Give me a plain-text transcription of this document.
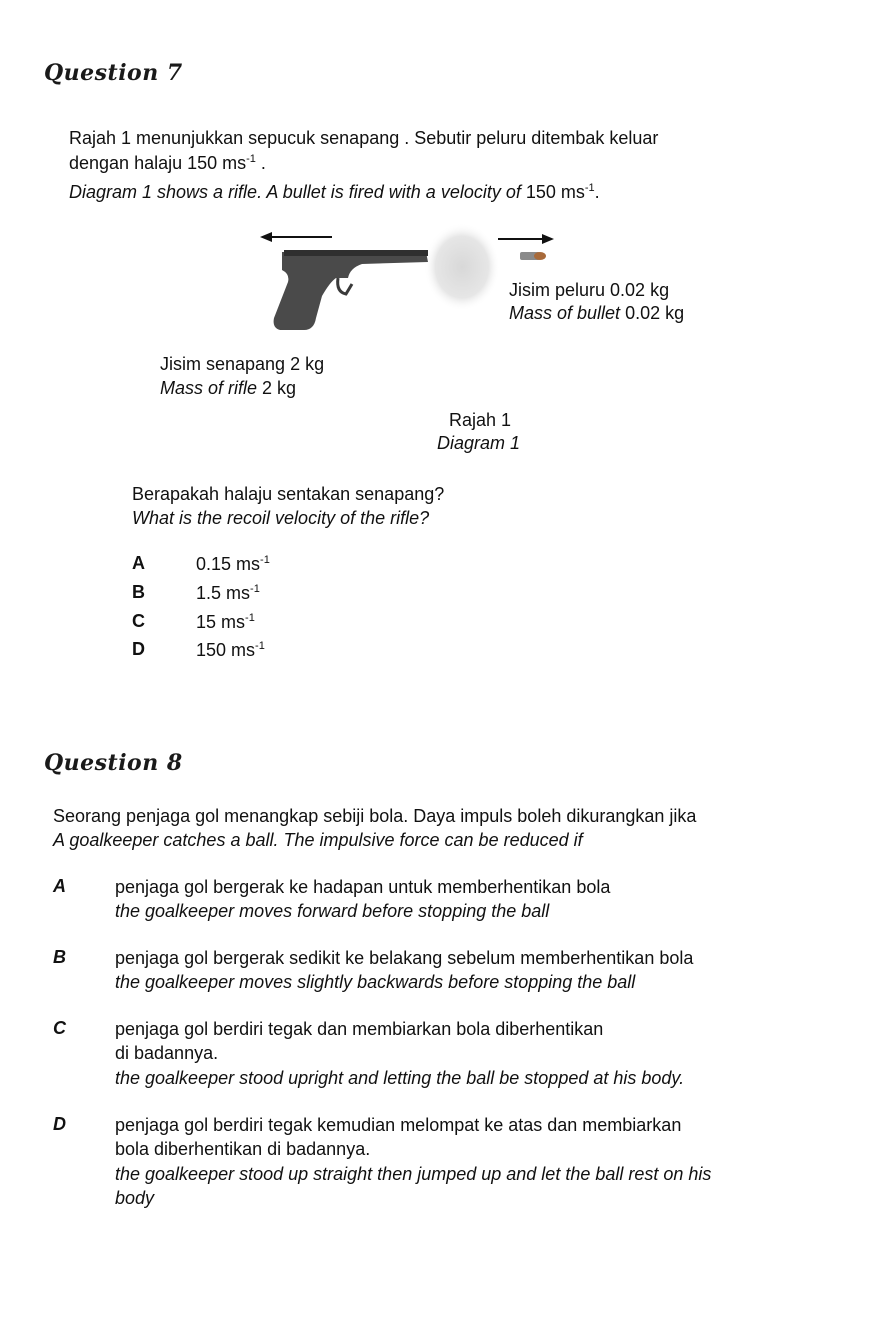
Question 7
Rajah 1 menunjukkan sepucuk senapang . Sebutir peluru ditembak keluar
dengan halaju 150 $ms^{-1}$ .
Diagram 1 shows a rifle. A bullet is fired with a velocity of 150 $ms^{-1}$.
Jisim peluru 0.02 kg
Mass of bullet 0.02 kg
Jisim senapang 2 kg
Mass of rifle 2 kg
Rajah 1
Diagram 1
Berapakah halaju sentakan senapang?
What is the recoil velocity of the rifle?
A	0.15 $ms^{-1}$
B	1.5 $ms^{-1}$
C	15 $ms^{-1}$
D	150 $ms^{-1}$
Question 8
Seorang penjaga gol menangkap sebiji bola. Daya impuls boleh dikurangkan jika
A goalkeeper catches a ball. The impulsive force can be reduced if
A	penjaga gol bergerak ke hadapan untuk memberhentikan bola
the goalkeeper moves forward before stopping the ball
B	penjaga gol bergerak sedikit ke belakang sebelum memberhentikan bola
the goalkeeper moves slightly backwards before stopping the ball
C	penjaga gol berdiri tegak dan membiarkan bola diberhentikan
di badannya.
the goalkeeper stood upright and letting the ball be stopped at his body.
D	penjaga gol berdiri tegak kemudian melompat ke atas dan membiarkan
bola diberhentikan di badannya.
the goalkeeper stood up straight then jumped up and let the ball rest on his
body
